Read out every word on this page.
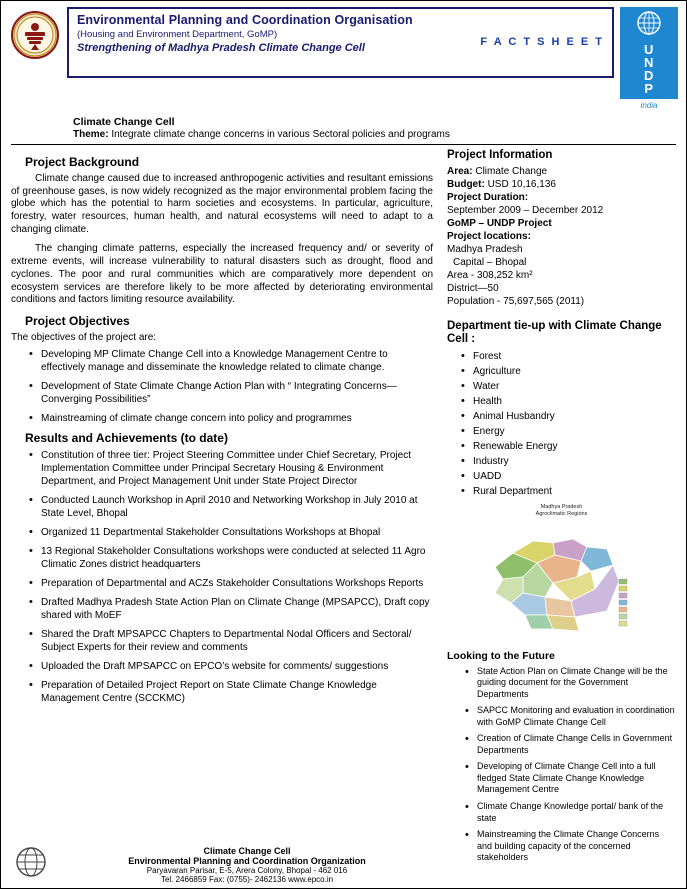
Environmental Planning and Coordination Organisation
(Housing and Environment Department, GoMP)
Strengthening of Madhya Pradesh Climate Change Cell
F A C T S H E E T	U
N
D
P
india
Climate Change Cell
Theme: Integrate climate change concerns in various Sectoral policies and programs
Project Background

Climate change caused due to increased anthropogenic activities and resultant emissions of greenhouse gases, is now widely recognized as the major environmental problem facing the globe which has the potential to harm societies and ecosystems. In particular, agriculture, forestry, water resources, human health, and natural ecosystems will need to adapt to a changing climate.

The changing climate patterns, especially the increased frequency and/ or severity of extreme events, will increase vulnerability to natural disasters such as drought, flood and cyclones. The poor and rural communities which are comparatively more dependent on ecosystem services are therefore likely to be more affected by deteriorating environmental conditions and factors limiting resource availability.

Project Objectives
The objectives of the project are:
• Developing MP Climate Change Cell into a Knowledge Management Centre to effectively manage and disseminate the knowledge related to climate change.
• Development of State Climate Change Action Plan with “ Integrating Concerns—Converging Possibilities”
• Mainstreaming of climate change concern into policy and programmes
Results and Achievements (to date)
• Constitution of three tier: Project Steering Committee under Chief Secretary, Project Implementation Committee under Principal Secretary Housing & Environment Department, and Project Management Unit under State Project Director
• Conducted Launch Workshop in April 2010 and Networking Workshop in July 2010 at State Level, Bhopal
• Organized 11 Departmental Stakeholder Consultations Workshops at Bhopal
• 13 Regional Stakeholder Consultations workshops were conducted at selected 11 Agro Climatic Zones district headquarters
• Preparation of Departmental and ACZs Stakeholder Consultations Workshops Reports
• Drafted Madhya Pradesh State Action Plan on Climate Change (MPSAPCC), Draft copy shared with MoEF
• Shared the Draft MPSAPCC Chapters to Departmental Nodal Officers and Sectoral/ Subject Experts for their review and comments
• Uploaded the Draft MPSAPCC on EPCO’s website for comments/ suggestions
• Preparation of Detailed Project Report on State Climate Change Knowledge Management Centre (SCCKMC)
Project Information
Area: Climate Change
Budget: USD 10,16,136
Project Duration:
September 2009 – December 2012
GoMP – UNDP Project
Project locations:
Madhya Pradesh
Capital – Bhopal
Area - 308,252 km²
District—50
Population - 75,697,565 (2011)
Department tie-up with Climate Change Cell :
• Forest
• Agriculture
• Water
• Health
• Animal Husbandry
• Energy
• Renewable Energy
• Industry
• UADD
• Rural Department
Madhya Pradesh
Agroclimatic Regions
Looking to the Future
• State Action Plan on Climate Change will be the guiding document for the Government Departments
• SAPCC Monitoring and evaluation in coordination with GoMP Climate Change Cell
• Creation of Climate Change Cells in Government Departments
• Developing of Climate Change Cell into a full fledged State Climate Change Knowledge Management Centre
• Climate Change Knowledge portal/ bank of the state
• Mainstreaming the Climate Change Concerns and building capacity of the concerned stakeholders
Climate Change Cell
Environmental Planning and Coordination Organization
Paryavaran Parisar, E-5, Arera Colony, Bhopal - 462 016
Tel. 2466859 Fax: (0755)- 2462136 www.epco.in
